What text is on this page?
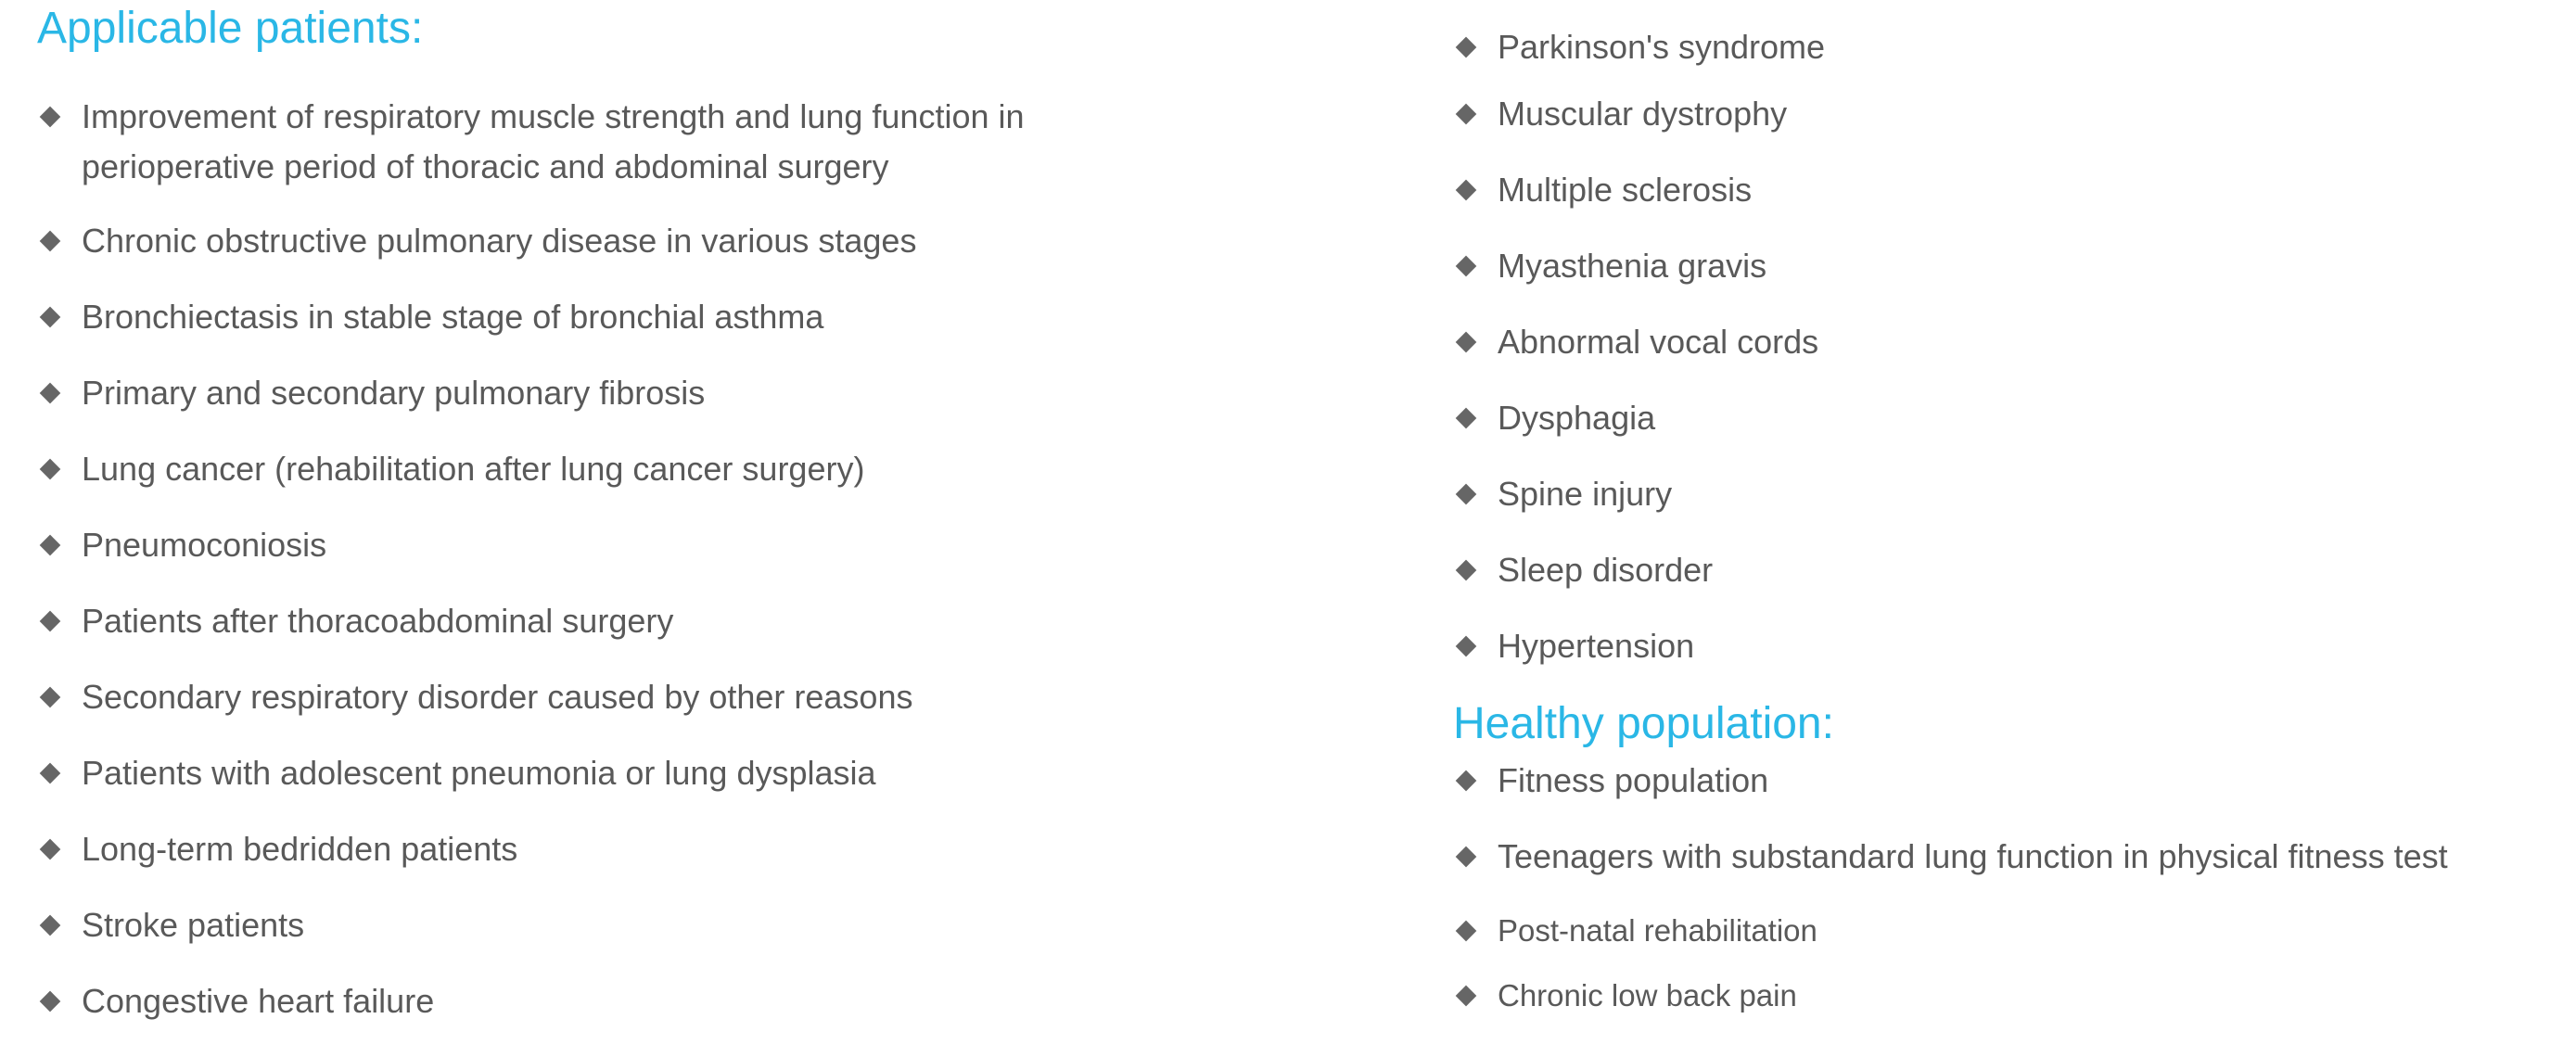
Applicable patients:
Improvement of respiratory muscle strength and lung function in perioperative period of thoracic and abdominal surgery
Chronic obstructive pulmonary disease in various stages
Bronchiectasis in stable stage of bronchial asthma
Primary and secondary pulmonary fibrosis
Lung cancer (rehabilitation after lung cancer surgery)
Pneumoconiosis
Patients after thoracoabdominal surgery
Secondary respiratory disorder caused by other reasons
Patients with adolescent pneumonia or lung dysplasia
Long-term bedridden patients
Stroke patients
Congestive heart failure
Parkinson's syndrome
Muscular dystrophy
Multiple sclerosis
Myasthenia gravis
Abnormal vocal cords
Dysphagia
Spine injury
Sleep disorder
Hypertension
Healthy population:
Fitness population
Teenagers with substandard lung function in physical fitness test
Post-natal rehabilitation
Chronic low back pain
